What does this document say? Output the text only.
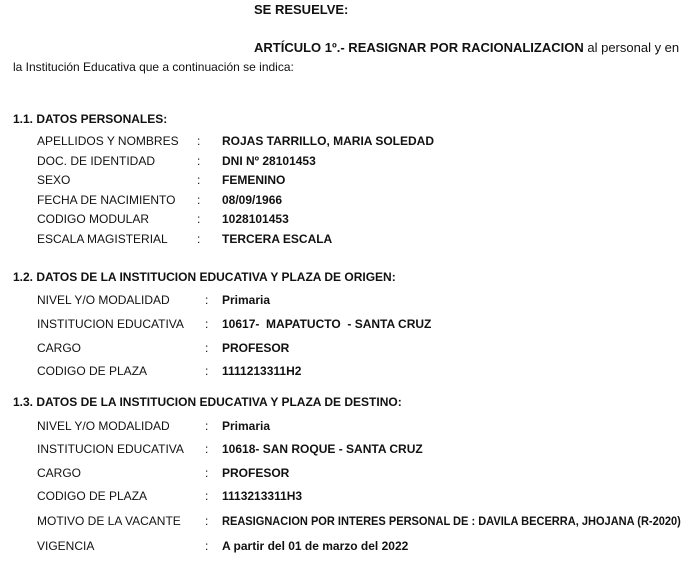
SE RESUELVE:
ARTÍCULO 1º.- REASIGNAR POR RACIONALIZACION al personal y en
la Institución Educativa que a continuación se indica:
1.1. DATOS PERSONALES:
APELLIDOS Y NOMBRES : ROJAS TARRILLO, MARIA SOLEDAD
DOC. DE IDENTIDAD	: DNI Nº 28101453
SEXO	: FEMENINO
FECHA DE NACIMIENTO : 08/09/1966
CODIGO MODULAR	: 1028101453
ESCALA MAGISTERIAL : TERCERA ESCALA
1.2. DATOS DE LA INSTITUCION EDUCATIVA Y PLAZA DE ORIGEN:
NIVEL Y/O MODALIDAD	: Primaria
INSTITUCION EDUCATIVA : 10617-  MAPATUCTO  - SANTA CRUZ
CARGO	: PROFESOR
CODIGO DE PLAZA	: 1111213311H2
1.3. DATOS DE LA INSTITUCION EDUCATIVA Y PLAZA DE DESTINO:
NIVEL Y/O MODALIDAD	: Primaria
INSTITUCION EDUCATIVA : 10618- SAN ROQUE - SANTA CRUZ
CARGO	: PROFESOR
CODIGO DE PLAZA	: 1113213311H3
MOTIVO DE LA VACANTE : REASIGNACION POR INTERES PERSONAL DE : DAVILA BECERRA, JHOJANA (R-2020)
VIGENCIA	: A partir del 01 de marzo del 2022
